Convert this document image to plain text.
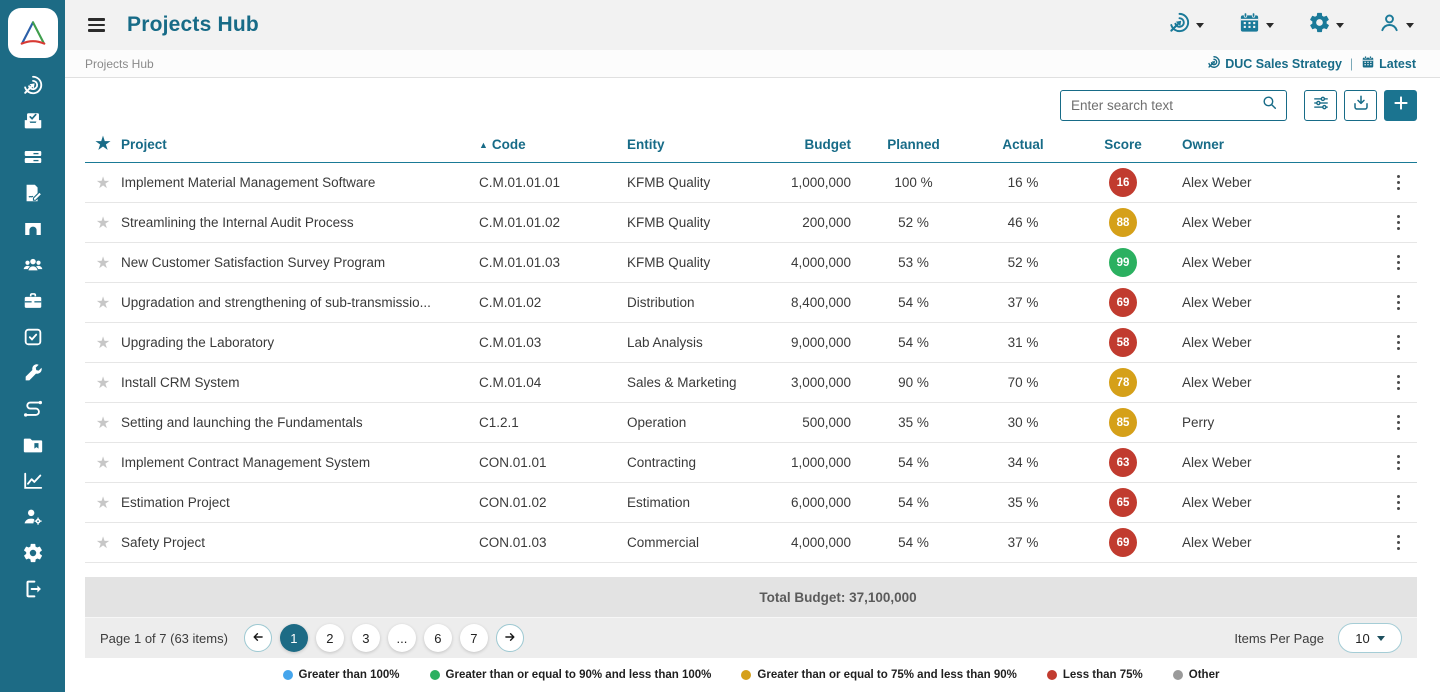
Projects Hub
Projects Hub	DUC Sales Strategy | Latest
Enter search text
★
Project ▲	Code	Entity	Budget	Planned	Actual	Score	Owner
★
Implement Material Management Software	C.M.01.01.01	KFMB Quality	1,000,000	100 %	16 %	16	Alex Weber
★
Streamlining the Internal Audit Process	C.M.01.01.02	KFMB Quality	200,000	52 %	46 %	88	Alex Weber
★
New Customer Satisfaction Survey Program	C.M.01.01.03	KFMB Quality	4,000,000	53 %	52 %	99	Alex Weber
★
Upgradation and strengthening of sub-transmissio...	C.M.01.02	Distribution	8,400,000	54 %	37 %	69	Alex Weber
★
Upgrading the Laboratory	C.M.01.03	Lab Analysis	9,000,000	54 %	31 %	58	Alex Weber
★
Install CRM System	C.M.01.04	Sales & Marketing	3,000,000	90 %	70 %	78	Alex Weber
★
Setting and launching the Fundamentals	C1.2.1	Operation	500,000	35 %	30 %	85	Perry
★
Implement Contract Management System	CON.01.01	Contracting	1,000,000	54 %	34 %	63	Alex Weber
★
Estimation Project	CON.01.02	Estimation	6,000,000	54 %	35 %	65	Alex Weber
★
Safety Project	CON.01.03	Commercial	4,000,000	54 %	37 %	69	Alex Weber
Total Budget: 37,100,000
Page 1 of 7 (63 items)	1	2	3	...	6	7	Items Per Page 10
Greater than 100%	Greater than or equal to 90% and less than 100%	Greater than or equal to 75% and less than 90%	Less than 75%	Other
